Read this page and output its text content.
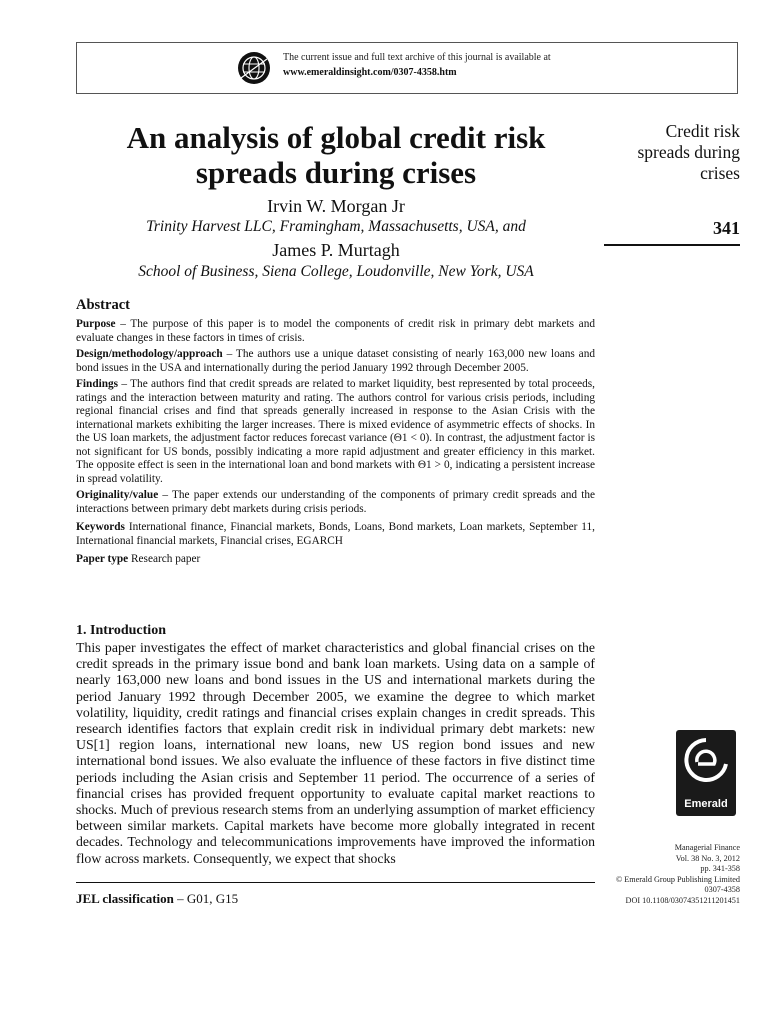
The current issue and full text archive of this journal is available at
www.emeraldinsight.com/0307-4358.htm
An analysis of global credit risk
spreads during crises
Irvin W. Morgan Jr
Trinity Harvest LLC, Framingham, Massachusetts, USA, and
James P. Murtagh
School of Business, Siena College, Loudonville, New York, USA
Credit risk
spreads during
crises
341
Abstract

Purpose – The purpose of this paper is to model the components of credit risk in primary debt markets and evaluate changes in these factors in times of crisis.

Design/methodology/approach – The authors use a unique dataset consisting of nearly 163,000 new loans and bond issues in the USA and internationally during the period January 1992 through December 2005.

Findings – The authors find that credit spreads are related to market liquidity, best represented by total proceeds, ratings and the interaction between maturity and rating. The authors control for various crisis periods, including regional financial crises and find that spreads generally increased in response to the Asian Crisis with the international markets exhibiting the larger increases. There is mixed evidence of asymmetric effects of shocks. In the US loan markets, the adjustment factor reduces forecast variance (Θ1 < 0). In contrast, the adjustment factor is not significant for US bonds, possibly indicating a more rapid adjustment and greater efficiency in this market. The opposite effect is seen in the international loan and bond markets with Θ1 > 0, indicating a persistent increase in spread volatility.

Originality/value – The paper extends our understanding of the components of primary credit spreads and the interactions between primary debt markets during crisis periods.

Keywords International finance, Financial markets, Bonds, Loans, Bond markets, Loan markets, September 11, International financial markets, Financial crises, EGARCH

Paper type Research paper

1. Introduction

This paper investigates the effect of market characteristics and global financial crises on the credit spreads in the primary issue bond and bank loan markets. Using data on a sample of nearly 163,000 new loans and bond issues in the US and international markets during the period January 1992 through December 2005, we examine the degree to which market volatility, liquidity, credit ratings and financial crises explain changes in credit spreads. This research identifies factors that explain credit risk in individual primary debt markets: new US[1] region loans, international new loans, new US region bond issues and new international bond issues. We also evaluate the influence of these factors in five distinct time periods including the Asian crisis and September 11 period. The occurrence of a series of financial crises has provided frequent opportunity to evaluate capital market reactions to shocks. Much of previous research stems from an underlying assumption of market efficiency between similar markets. Capital markets have become more globally integrated in recent decades. Technology and telecommunications improvements have improved the information flow across markets. Consequently, we expect that shocks

JEL classification – G01, G15
Emerald
Managerial Finance
Vol. 38 No. 3, 2012
pp. 341-358
© Emerald Group Publishing Limited
0307-4358
DOI 10.1108/03074351211201451
